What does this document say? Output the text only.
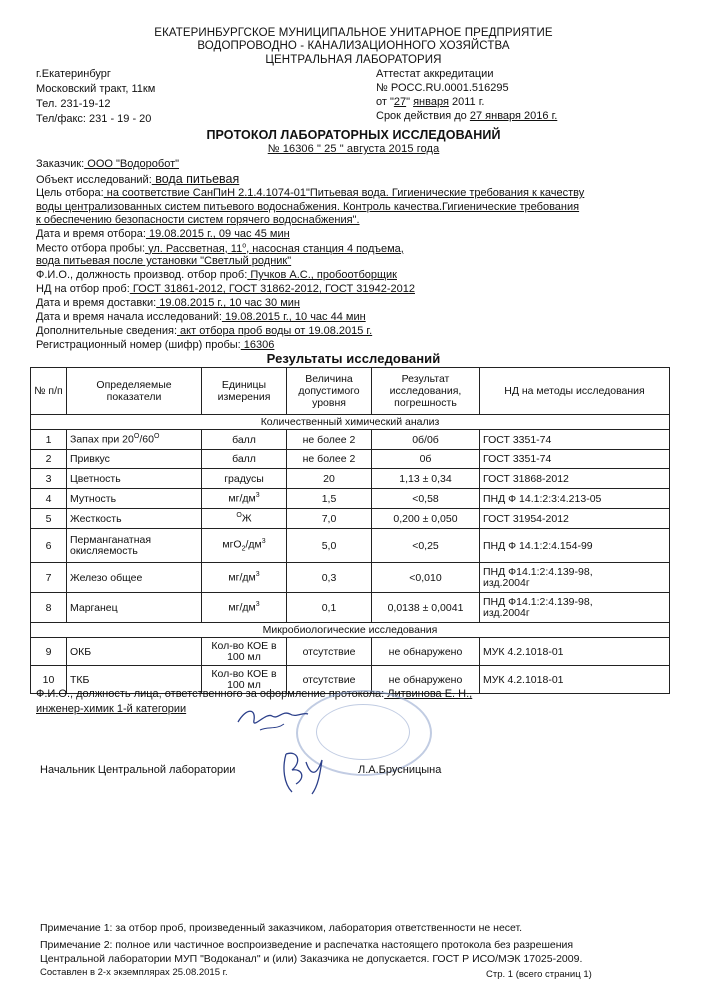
ЕКАТЕРИНБУРГСКОЕ МУНИЦИПАЛЬНОЕ УНИТАРНОЕ ПРЕДПРИЯТИЕ
ВОДОПРОВОДНО - КАНАЛИЗАЦИОННОГО ХОЗЯЙСТВА
ЦЕНТРАЛЬНАЯ ЛАБОРАТОРИЯ
г.Екатеринбург
Московский тракт, 11км
Тел. 231-19-12
Тел/факс: 231 - 19 - 20
Аттестат аккредитации
№ РОСС.RU.0001.516295
от "27" января 2011 г.
Срок действия до 27 января 2016 г.
ПРОТОКОЛ ЛАБОРАТОРНЫХ ИССЛЕДОВАНИЙ
№ 16306 " 25 " августа 2015 года
Заказчик: ООО "Водоробот"
Объект исследований: вода питьевая
Цель отбора: на соответствие СанПиН 2.1.4.1074-01"Питьевая вода. Гигиенические требования к качеству
воды централизованных систем питьевого водоснабжения. Контроль качества.Гигиенические требования
к обеспечению безопасности систем горячего водоснабжения".
Дата и время отбора: 19.08.2015 г., 09 час 45 мин
Место отбора пробы: ул. Рассветная, $11^о$, насосная станция 4 подъема,
вода питьевая после установки "Светлый родник"
Ф.И.О., должность производ. отбор проб: Пучков А.С., пробоотборщик
НД на отбор проб: ГОСТ 31861-2012, ГОСТ 31862-2012, ГОСТ 31942-2012
Дата и время доставки: 19.08.2015 г., 10 час 30 мин
Дата и время начала исследований: 19.08.2015 г., 10 час 44 мин
Дополнительные сведения: акт отбора проб воды от 19.08.2015 г.
Регистрационный номер (шифр) пробы: 16306
Результаты исследований
№ п/п	Определяемые показатели	Единицы измерения	Величина допустимого уровня	Результат исследования, погрешность	НД на методы исследования
Количественный химический анализ					
1	Запах при $20^О/60^О$	балл	не более 2	0б/0б	ГОСТ 3351-74
2	Привкус	балл	не более 2	0б	ГОСТ 3351-74
3	Цветность	градусы	20	1,13 ± 0,34	ГОСТ 31868-2012
4	Мутность	$мг/дм^3$	1,5	<0,58	ПНД Ф 14.1:2:3:4.213-05
5	Жесткость	$^О$Ж	7,0	0,200 ± 0,050	ГОСТ 31954-2012
6	Перманганатная
окисляемость	$мгО_2/дм^3$	5,0	<0,25	ПНД Ф 14.1:2:4.154-99
7	Железо общее	$мг/дм^3$	0,3	<0,010	ПНД Ф14.1:2:4.139-98,
изд.2004г

8	Марганец	$мг/дм^3$	0,1	0,0138 ± 0,0041	ПНД Ф14.1:2:4.139-98,
изд.2004г

Микробиологические исследования					
9	ОКБ	Кол-во КОЕ в
100 мл	отсутствие	не обнаружено	МУК 4.2.1018-01
10	ТКБ	Кол-во КОЕ в
100 мл	отсутствие	не обнаружено	МУК 4.2.1018-01
Ф.И.О., должность лица, ответственного за оформление протокола: Литвинова Е. Н.,
инженер-химик 1-й категории
Начальник Центральной лаборатории	Л.А.Брусницына
Примечание 1: за отбор проб, произведенный заказчиком, лаборатория ответственности не несет.
Примечание 2: полное или частичное воспроизведение и распечатка настоящего протокола без разрешения
Центральной лаборатории МУП "Водоканал" и (или) Заказчика не допускается. ГОСТ Р ИСО/МЭК 17025-2009.
Составлен в 2-х экземплярах 25.08.2015 г.	Стр. 1 (всего страниц 1)
